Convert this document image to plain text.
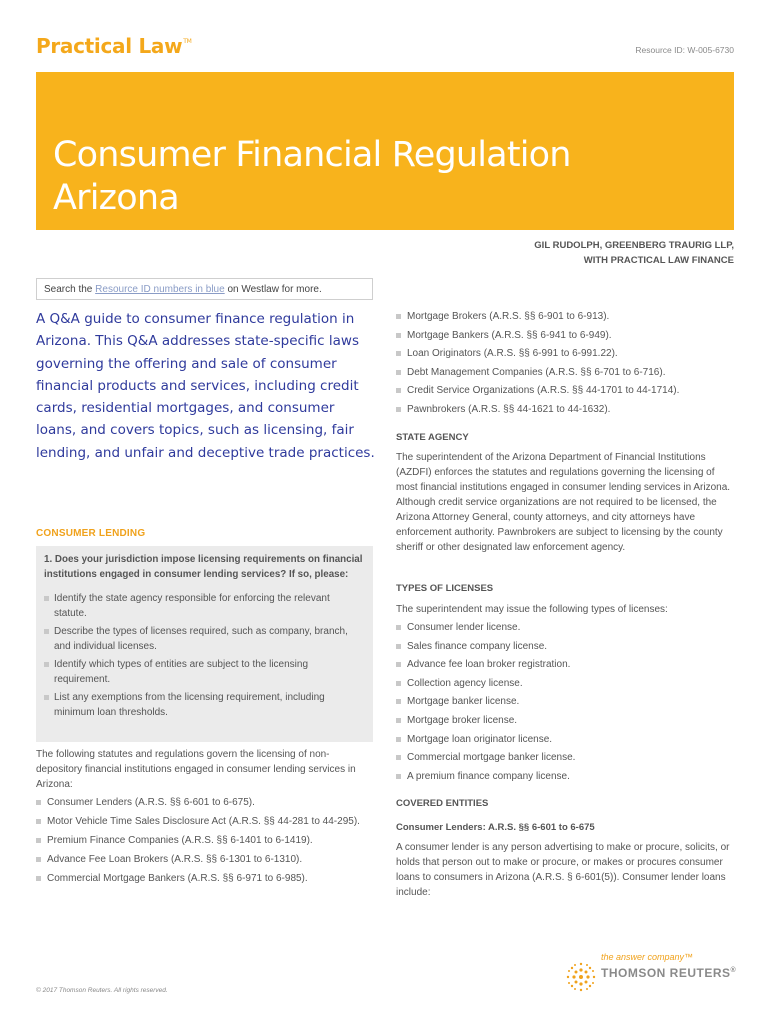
Practical Law™
Resource ID: W-005-6730
Consumer Financial Regulation
Arizona
GIL RUDOLPH, GREENBERG TRAURIG LLP,
WITH PRACTICAL LAW FINANCE
Search the Resource ID numbers in blue on Westlaw for more.
A Q&A guide to consumer finance regulation in Arizona. This Q&A addresses state-specific laws governing the offering and sale of consumer financial products and services, including credit cards, residential mortgages, and consumer loans, and covers topics, such as licensing, fair lending, and unfair and deceptive trade practices.
CONSUMER LENDING
1. Does your jurisdiction impose licensing requirements on financial institutions engaged in consumer lending services? If so, please:
Identify the state agency responsible for enforcing the relevant statute.
Describe the types of licenses required, such as company, branch, and individual licenses.
Identify which types of entities are subject to the licensing requirement.
List any exemptions from the licensing requirement, including minimum loan thresholds.
The following statutes and regulations govern the licensing of non-depository financial institutions engaged in consumer lending services in Arizona:
Consumer Lenders (A.R.S. §§ 6-601 to 6-675).
Motor Vehicle Time Sales Disclosure Act (A.R.S. §§ 44-281 to 44-295).
Premium Finance Companies (A.R.S. §§ 6-1401 to 6-1419).
Advance Fee Loan Brokers (A.R.S. §§ 6-1301 to 6-1310).
Commercial Mortgage Bankers (A.R.S. §§ 6-971 to 6-985).
Mortgage Brokers (A.R.S. §§ 6-901 to 6-913).
Mortgage Bankers (A.R.S. §§ 6-941 to 6-949).
Loan Originators (A.R.S. §§ 6-991 to 6-991.22).
Debt Management Companies (A.R.S. §§ 6-701 to 6-716).
Credit Service Organizations (A.R.S. §§ 44-1701 to 44-1714).
Pawnbrokers (A.R.S. §§ 44-1621 to 44-1632).
STATE AGENCY
The superintendent of the Arizona Department of Financial Institutions (AZDFI) enforces the statutes and regulations governing the licensing of most financial institutions engaged in consumer lending services in Arizona. Although credit service organizations are not required to be licensed, the Arizona Attorney General, county attorneys, and city attorneys have enforcement authority. Pawnbrokers are subject to licensing by the county sheriff or other designated law enforcement agency.
TYPES OF LICENSES
The superintendent may issue the following types of licenses:
Consumer lender license.
Sales finance company license.
Advance fee loan broker registration.
Collection agency license.
Mortgage banker license.
Mortgage broker license.
Mortgage loan originator license.
Commercial mortgage banker license.
A premium finance company license.
COVERED ENTITIES
Consumer Lenders: A.R.S. §§ 6-601 to 6-675
A consumer lender is any person advertising to make or procure, solicits, or holds that person out to make or procure, or makes or procures consumer loans to consumers in Arizona (A.R.S. § 6-601(5)). Consumer lender loans include:
the answer company™
THOMSON REUTERS®
© 2017 Thomson Reuters. All rights reserved.
